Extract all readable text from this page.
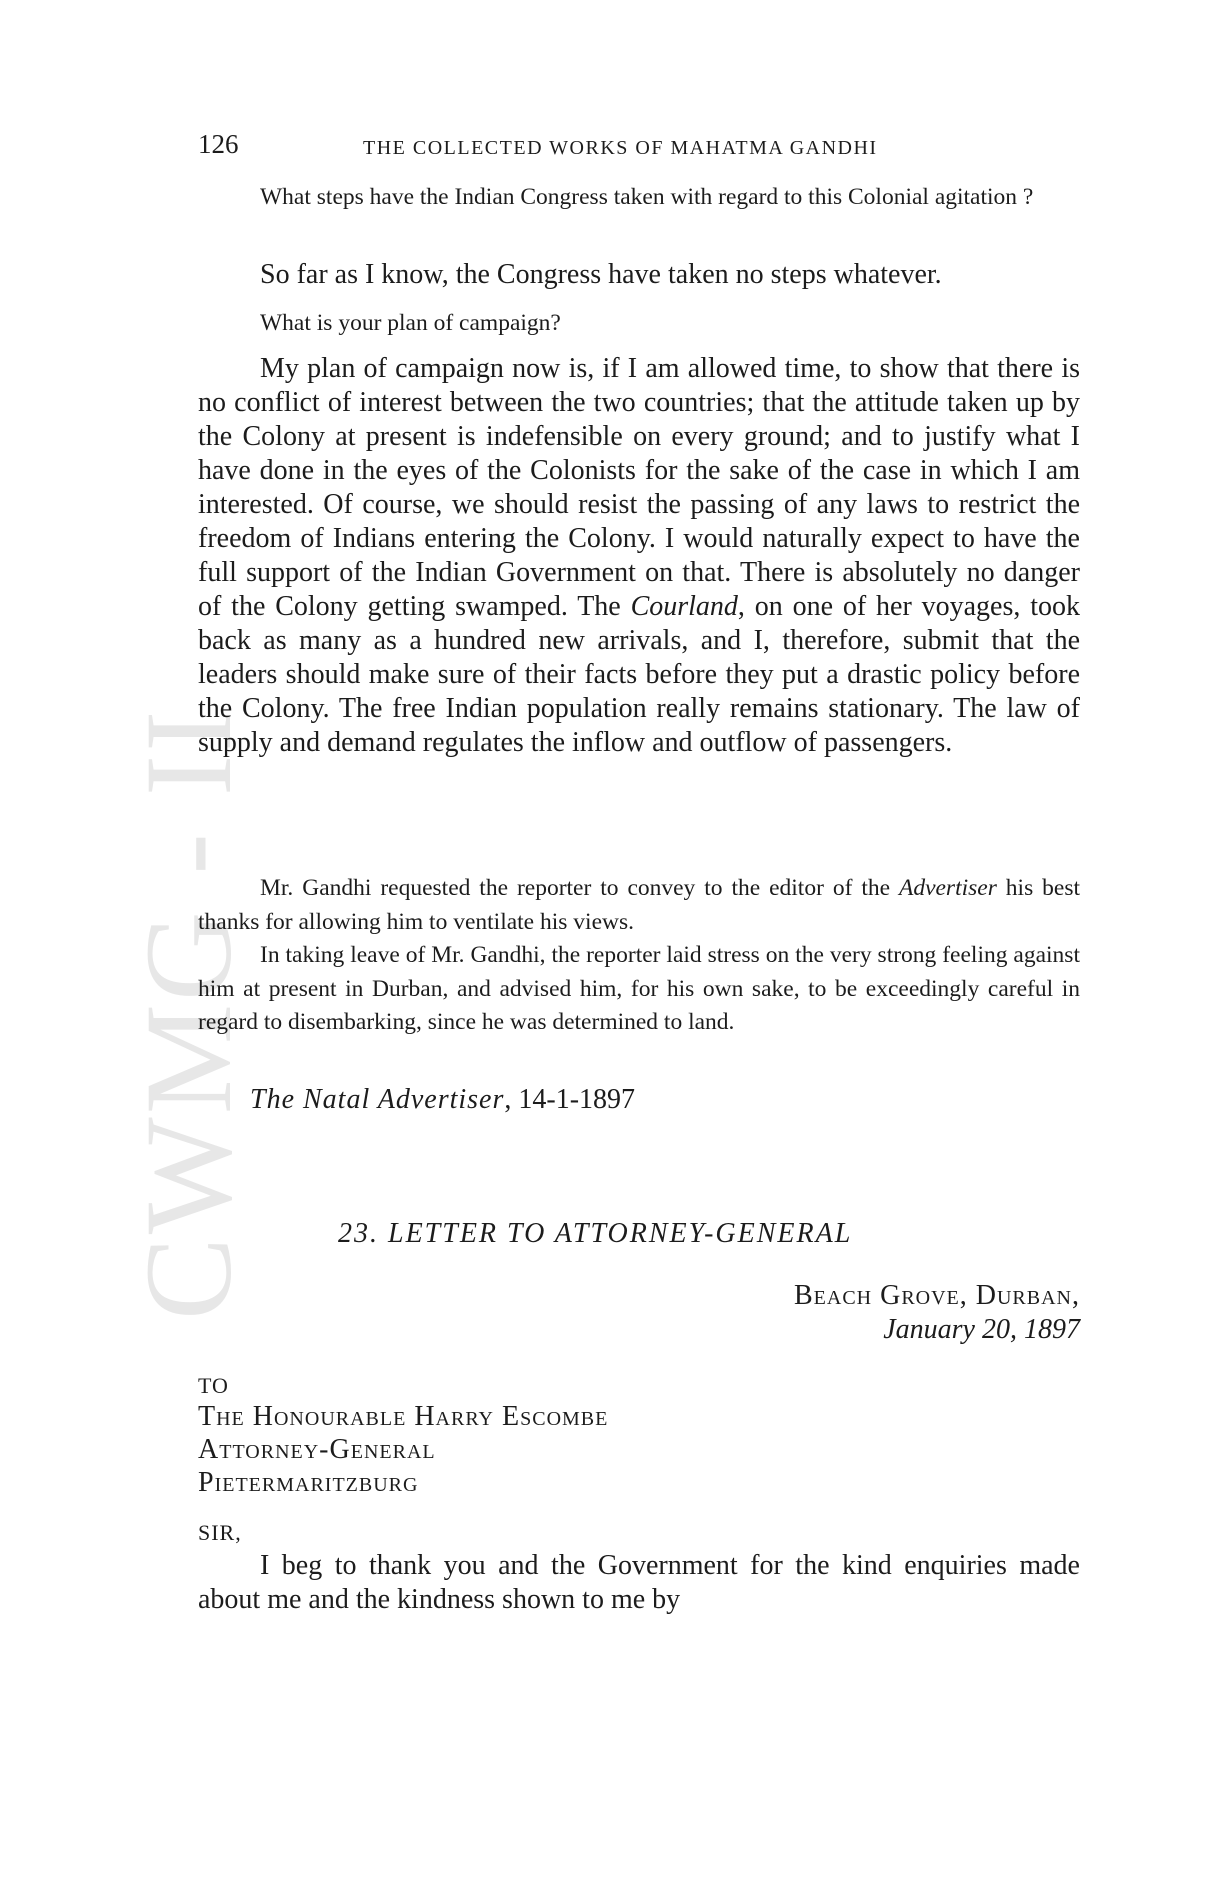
CWMG - II
126	THE COLLECTED WORKS OF MAHATMA GANDHI

What steps have the Indian Congress taken with regard to this Colonial agitation ?

So far as I know, the Congress have taken no steps whatever.

What is your plan of campaign?

My plan of campaign now is, if I am allowed time, to show that there is no conflict of interest between the two countries; that the attitude taken up by the Colony at present is indefensible on every ground; and to justify what I have done in the eyes of the Colonists for the sake of the case in which I am interested. Of course, we should resist the passing of any laws to restrict the freedom of Indians entering the Colony. I would naturally expect to have the full support of the Indian Government on that. There is absolutely no danger of the Colony getting swamped. The Courland, on one of her voyages, took back as many as a hundred new arrivals, and I, therefore, submit that the leaders should make sure of their facts before they put a drastic policy before the Colony. The free Indian population really remains stationary. The law of supply and demand regulates the inflow and outflow of passengers.

Mr. Gandhi requested the reporter to convey to the editor of the Advertiser his best thanks for allowing him to ventilate his views.

In taking leave of Mr. Gandhi, the reporter laid stress on the very strong feeling against him at present in Durban, and advised him, for his own sake, to be exceedingly careful in regard to disembarking, since he was determined to land.

The Natal Advertiser, 14-1-1897
23. LETTER TO ATTORNEY-GENERAL
Beach Grove, Durban,
January 20, 1897
TO
The Honourable Harry Escombe
Attorney-General
Pietermaritzburg
SIR,

I beg to thank you and the Government for the kind enquiries made about me and the kindness shown to me by
